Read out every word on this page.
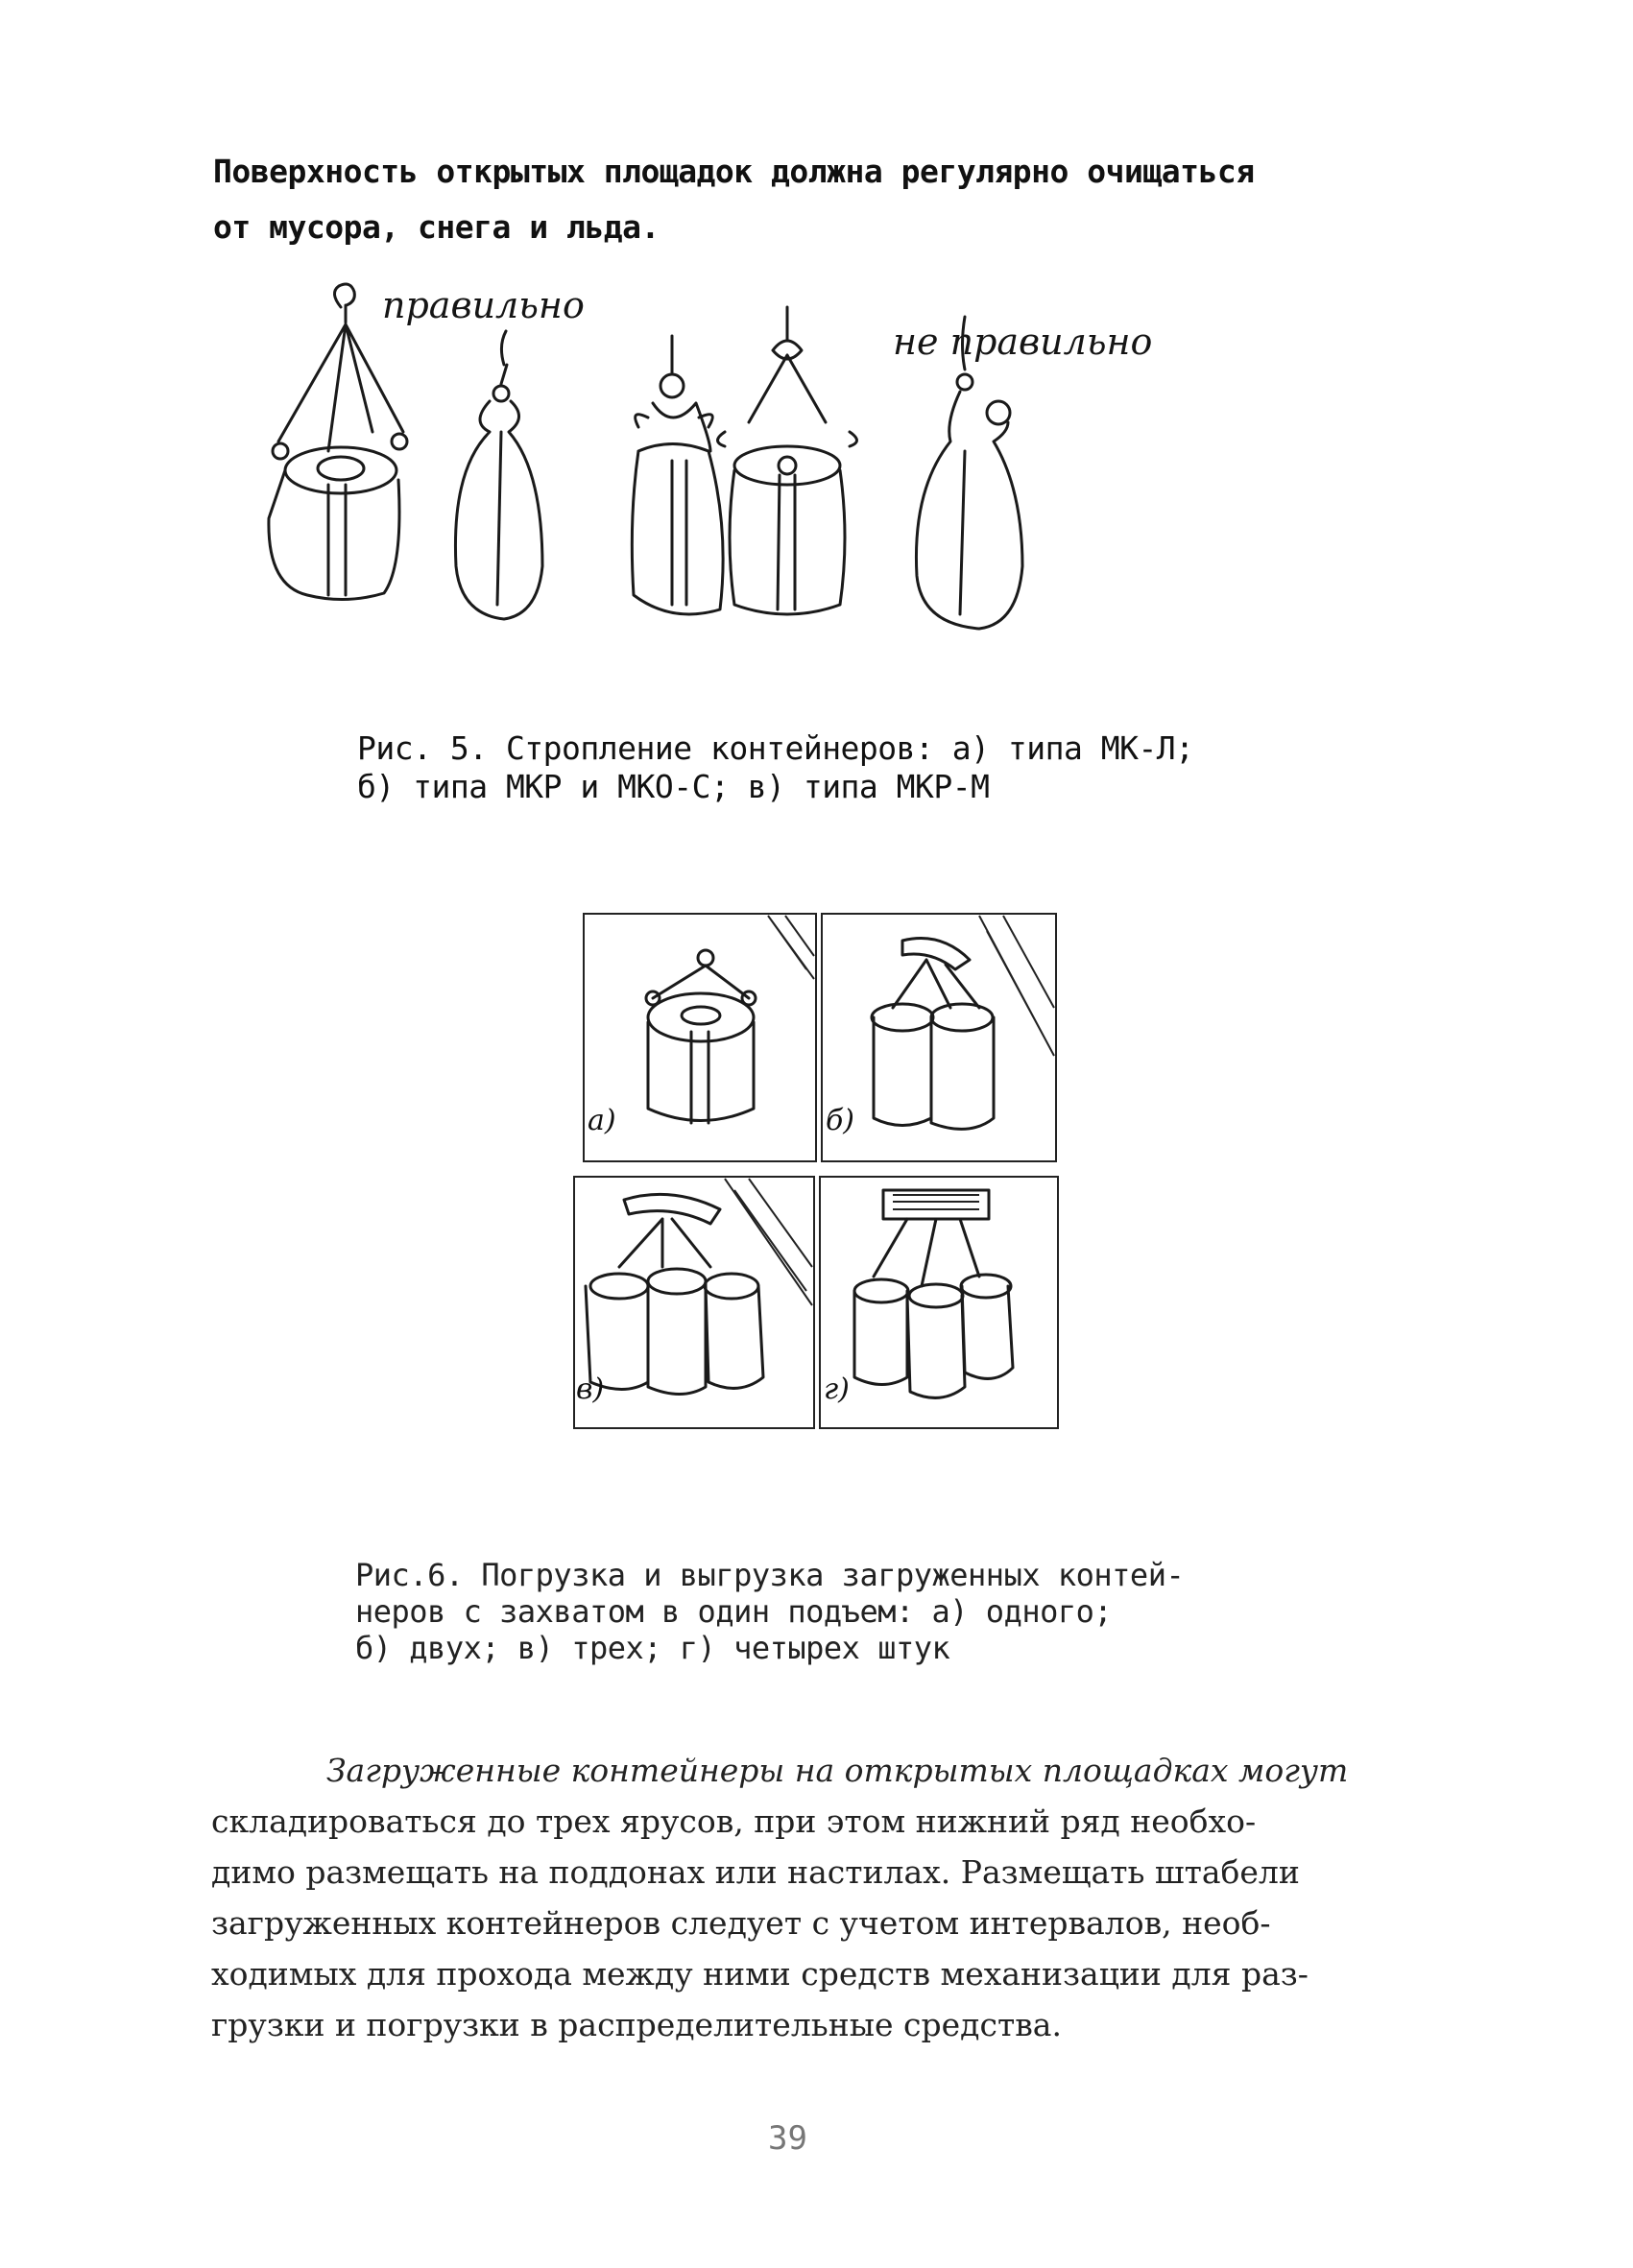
Поверхность открытых площадок должна регулярно очищаться
от мусора, снега и льда.
правильно
не правильно
Рис. 5. Стропление контейнеров: а) типа МК-Л;
б) типа МКР и МКО-С; в) типа МКР-М
а)	б)
в)	г)
Рис.6. Погрузка и выгрузка загруженных контей-
неров с захватом в один подъем: а) одного;
б) двух; в) трех; г) четырех штук
Загруженные контейнеры на открытых площадках могут
складироваться до трех ярусов, при этом нижний ряд необхо-
димо размещать на поддонах или настилах. Размещать штабели
загруженных контейнеров следует с учетом интервалов, необ-
ходимых для прохода между ними средств механизации для раз-
грузки и погрузки в распределительные средства.
39
